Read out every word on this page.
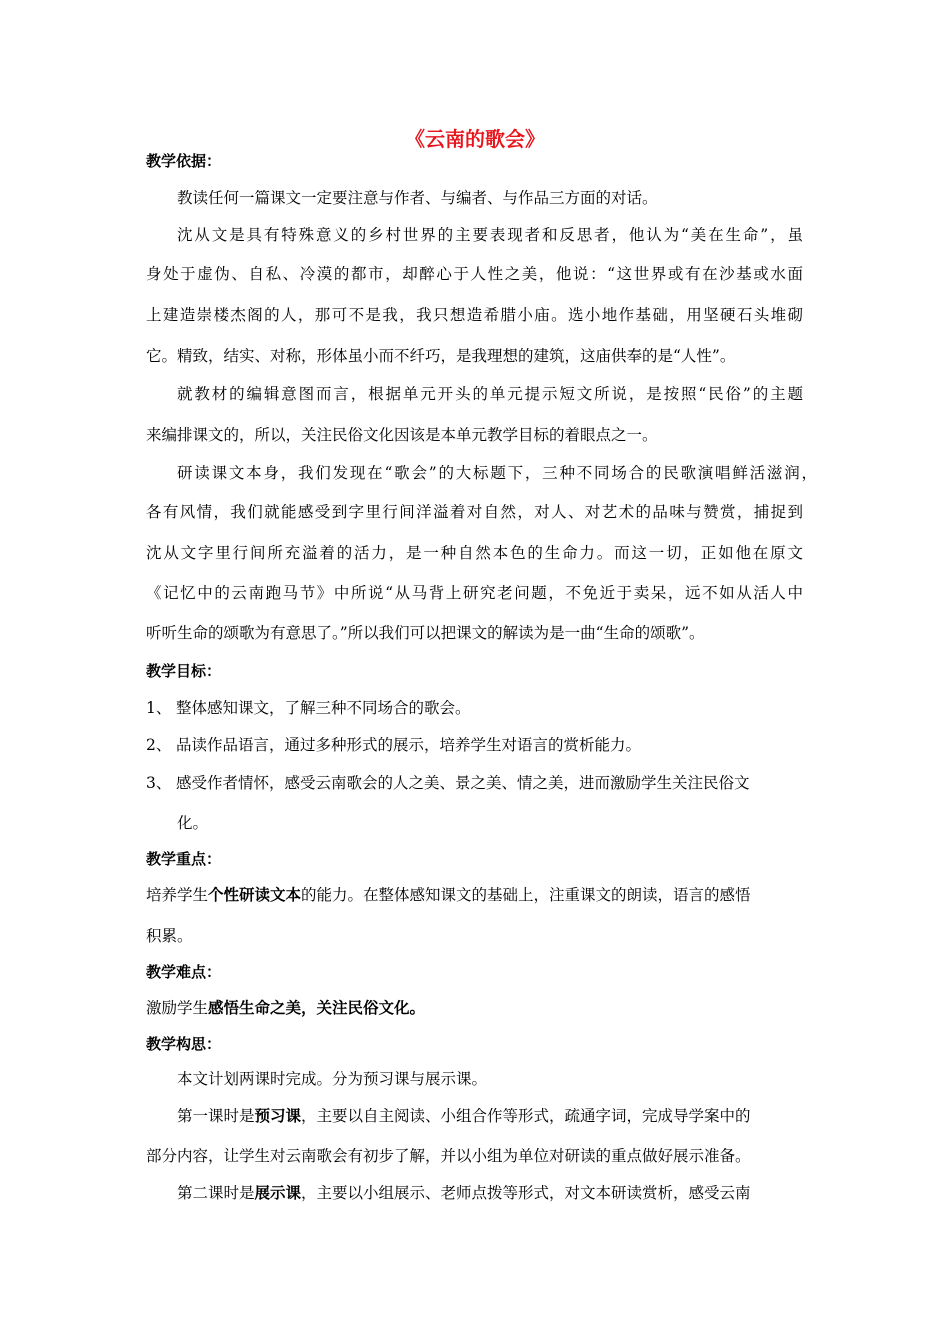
《云南的歌会》
教学依据：
教读任何一篇课文一定要注意与作者、与编者、与作品三方面的对话。
沈从文是具有特殊意义的乡村世界的主要表现者和反思者，他认为“美在生命”，虽
身处于虚伪、自私、冷漠的都市，却醉心于人性之美，他说：“这世界或有在沙基或水面
上建造崇楼杰阁的人，那可不是我，我只想造希腊小庙。选小地作基础，用坚硬石头堆砌
它。精致，结实、对称，形体虽小而不纤巧，是我理想的建筑，这庙供奉的是“人性”。
就教材的编辑意图而言，根据单元开头的单元提示短文所说，是按照“民俗”的主题
来编排课文的，所以，关注民俗文化因该是本单元教学目标的着眼点之一。
研读课文本身，我们发现在“歌会”的大标题下，三种不同场合的民歌演唱鲜活滋润，
各有风情，我们就能感受到字里行间洋溢着对自然，对人、对艺术的品味与赞赏，捕捉到
沈从文字里行间所充溢着的活力，是一种自然本色的生命力。而这一切，正如他在原文
《记忆中的云南跑马节》中所说“从马背上研究老问题，不免近于卖呆，远不如从活人中
听听生命的颂歌为有意思了。”所以我们可以把课文的解读为是一曲“生命的颂歌”。
教学目标：
1、 整体感知课文，了解三种不同场合的歌会。
2、 品读作品语言，通过多种形式的展示，培养学生对语言的赏析能力。
3、 感受作者情怀，感受云南歌会的人之美、景之美、情之美，进而激励学生关注民俗文
化。
教学重点：
培养学生个性研读文本的能力。在整体感知课文的基础上，注重课文的朗读，语言的感悟
积累。
教学难点：
激励学生感悟生命之美，关注民俗文化。
教学构思：
本文计划两课时完成。分为预习课与展示课。
第一课时是预习课，主要以自主阅读、小组合作等形式，疏通字词，完成导学案中的
部分内容，让学生对云南歌会有初步了解，并以小组为单位对研读的重点做好展示准备。
第二课时是展示课，主要以小组展示、老师点拨等形式，对文本研读赏析，感受云南
